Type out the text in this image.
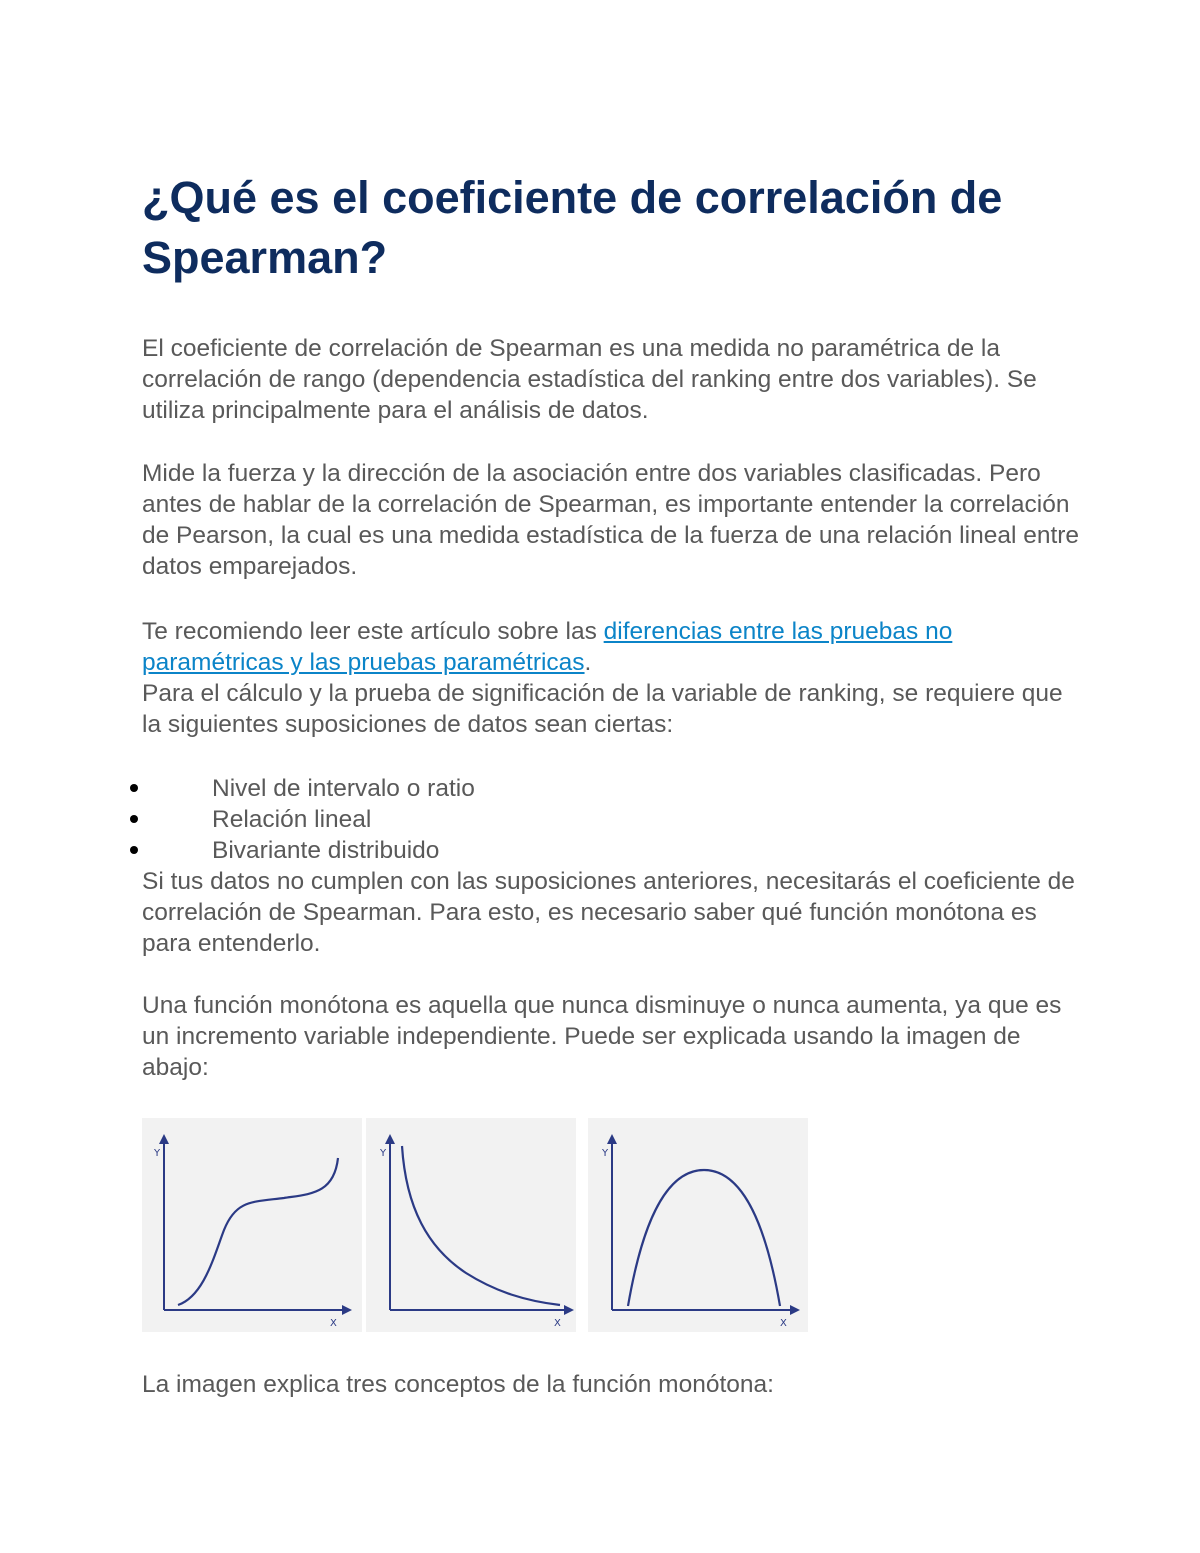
¿Qué es el coeficiente de correlación de Spearman?

El coeficiente de correlación de Spearman es una medida no paramétrica de la correlación de rango (dependencia estadística del ranking entre dos variables). Se utiliza principalmente para el análisis de datos.

Mide la fuerza y la dirección de la asociación entre dos variables clasificadas. Pero antes de hablar de la correlación de Spearman, es importante entender la correlación de Pearson, la cual es una medida estadística de la fuerza de una relación lineal entre datos emparejados.

Te recomiendo leer este artículo sobre las diferencias entre las pruebas no paramétricas y las pruebas paramétricas.

Para el cálculo y la prueba de significación de la variable de ranking, se requiere que la siguientes suposiciones de datos sean ciertas:

Nivel de intervalo o ratio
Relación lineal
Bivariante distribuido

Si tus datos no cumplen con las suposiciones anteriores, necesitarás el coeficiente de correlación de Spearman. Para esto, es necesario saber qué función monótona es para entenderlo.

Una función monótona es aquella que nunca disminuye o nunca aumenta, ya que es un incremento variable independiente. Puede ser explicada usando la imagen de abajo:

Y
X
Y
X
Y
X

La imagen explica tres conceptos de la función monótona:
